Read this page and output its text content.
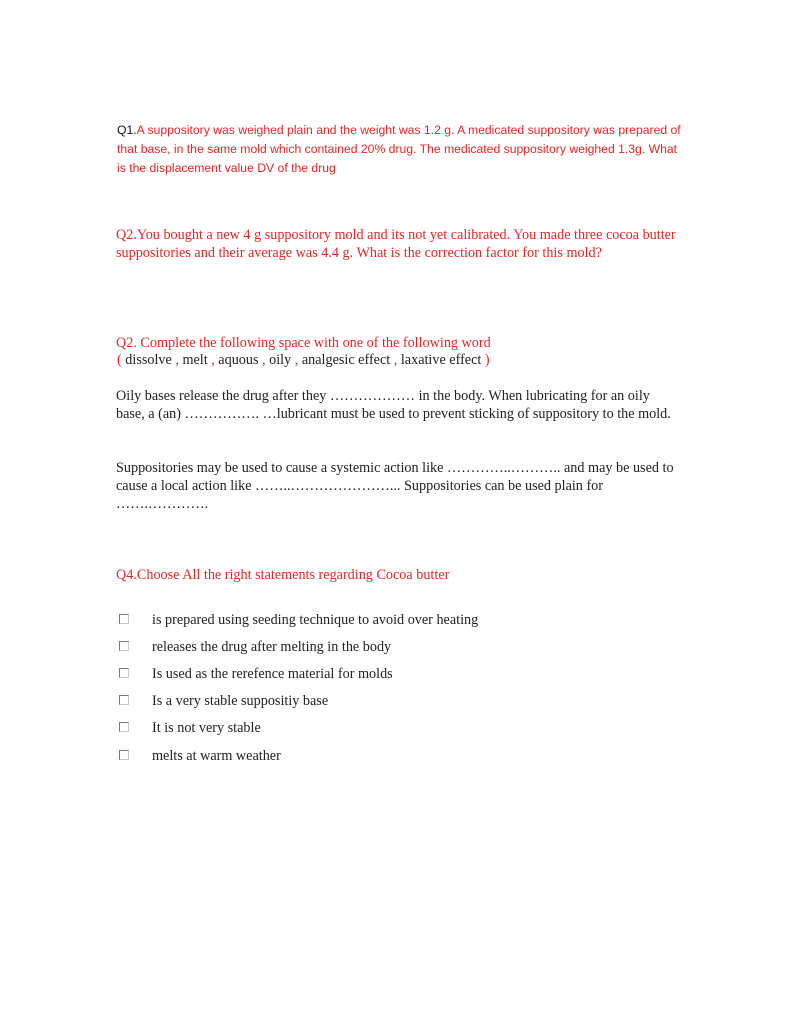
Q1.A suppository was weighed plain and the weight was 1.2 g. A medicated suppository was prepared of that base, in the same mold which contained 20% drug. The medicated suppository weighed 1.3g. What is the displacement value DV of the drug

Q2.You bought a new 4 g suppository mold and its not yet calibrated. You made three cocoa butter suppositories and their average was 4.4 g. What is the correction factor for this mold?

Q2. Complete the following space with one of the following word

( dissolve , melt , aquous , oily , analgesic effect , laxative effect )

Oily bases release the drug after they ……………… in the body. When lubricating for an oily base, a (an) ……………. …lubricant must be used to prevent sticking of suppository to the mold.

Suppositories may be used to cause a systemic action like …………..……….. and may be used to cause a local action like ……..…………………... Suppositories can be used plain for …….………….

Q4.Choose All the right statements regarding Cocoa butter

is prepared using seeding technique to avoid over heating
releases the drug after melting in the body
Is used as the rerefence material for molds
Is a very stable suppositiy base
It is not very stable
melts at warm weather
